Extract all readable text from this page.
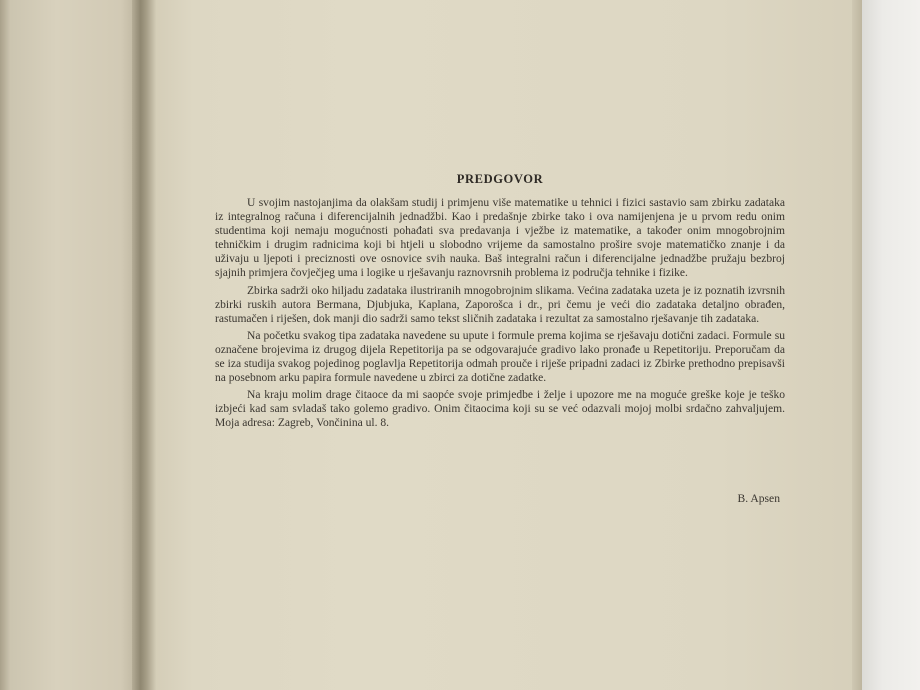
PREDGOVOR

U svojim nastojanjima da olakšam studij i primjenu više matematike u tehnici i fizici sastavio sam zbirku zadataka iz integralnog računa i diferencijalnih jednadžbi. Kao i predašnje zbirke tako i ova namijenjena je u prvom redu onim studentima koji nemaju mogućnosti pohađati sva predavanja i vježbe iz matematike, a također onim mnogobrojnim tehničkim i drugim radnicima koji bi htjeli u slobodno vrijeme da samostalno prošire svoje matematičko znanje i da uživaju u ljepoti i preciznosti ove osnovice svih nauka. Baš integralni račun i diferencijalne jednadžbe pružaju bezbroj sjajnih primjera čovječjeg uma i logike u rješavanju raznovrsnih problema iz područja tehnike i fizike.

Zbirka sadrži oko hiljadu zadataka ilustriranih mnogobrojnim slikama. Većina zadataka uzeta je iz poznatih izvrsnih zbirki ruskih autora Bermana, Djubjuka, Kaplana, Zaporošca i dr., pri čemu je veći dio zadataka detaljno obrađen, rastumačen i riješen, dok manji dio sadrži samo tekst sličnih zadataka i rezultat za samostalno rješavanje tih zadataka.

Na početku svakog tipa zadataka navedene su upute i formule prema kojima se rješavaju dotični zadaci. Formule su označene brojevima iz drugog dijela Repetitorija pa se odgovarajuće gradivo lako pronađe u Repetitoriju. Preporučam da se iza studija svakog pojedinog poglavlja Repetitorija odmah prouče i riješe pripadni zadaci iz Zbirke prethodno prepisavši na posebnom arku papira formule navedene u zbirci za dotične zadatke.

Na kraju molim drage čitaoce da mi saopće svoje primjedbe i želje i upozore me na moguće greške koje je teško izbjeći kad sam svladaš tako golemo gradivo. Onim čitaocima koji su se već odazvali mojoj molbi srdačno zahvaljujem. Moja adresa: Zagreb, Vončinina ul. 8.

B. Apsen
